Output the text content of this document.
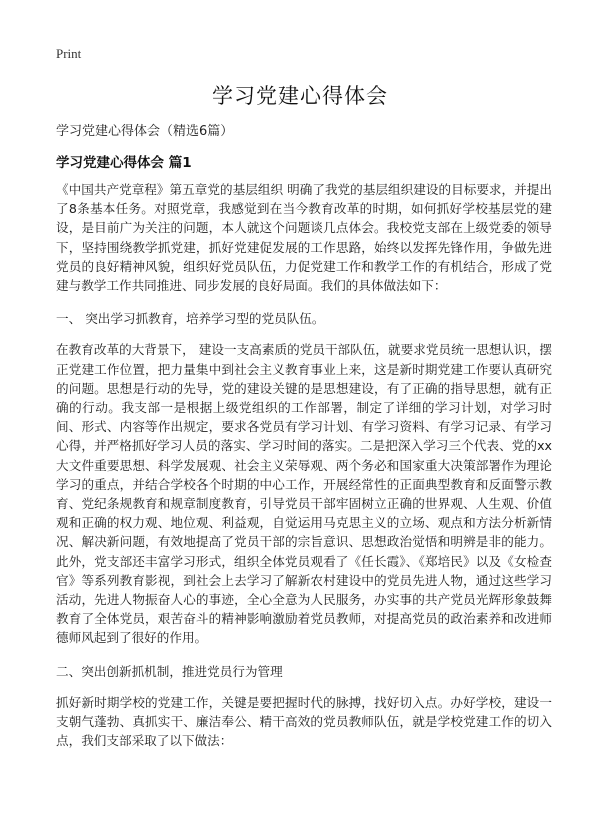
Print
学习党建心得体会
学习党建心得体会（精选6篇）
学习党建心得体会 篇1

《中国共产党章程》第五章党的基层组织 明确了我党的基层组织建设的目标要求，并提出了8条基本任务。对照党章，我感觉到在当今教育改革的时期，如何抓好学校基层党的建设，是目前广为关注的问题，本人就这个问题谈几点体会。我校党支部在上级党委的领导下，坚持围绕教学抓党建，抓好党建促发展的工作思路，始终以发挥先锋作用，争做先进党员的良好精神风貌，组织好党员队伍，力促党建工作和教学工作的有机结合，形成了党建与教学工作共同推进、同步发展的良好局面。我们的具体做法如下：

一、 突出学习抓教育，培养学习型的党员队伍。

在教育改革的大背景下， 建设一支高素质的党员干部队伍，就要求党员统一思想认识，摆正党建工作位置，把力量集中到社会主义教育事业上来，这是新时期党建工作要认真研究的问题。思想是行动的先导，党的建设关键的是思想建设，有了正确的指导思想，就有正确的行动。我支部一是根据上级党组织的工作部署，制定了详细的学习计划，对学习时间、形式、内容等作出规定，要求各党员有学习计划、有学习资料、有学习记录、有学习心得，并严格抓好学习人员的落实、学习时间的落实。二是把深入学习三个代表、党的xx大文件重要思想、科学发展观、社会主义荣辱观、两个务必和国家重大决策部署作为理论学习的重点，并结合学校各个时期的中心工作，开展经常性的正面典型教育和反面警示教育、党纪条规教育和规章制度教育，引导党员干部牢固树立正确的世界观、人生观、价值观和正确的权力观、地位观、利益观，自觉运用马克思主义的立场、观点和方法分析新情况、解决新问题，有效地提高了党员干部的宗旨意识、思想政治觉悟和明辨是非的能力。此外，党支部还丰富学习形式，组织全体党员观看了《任长霞》、《郑培民》以及《女检查官》等系列教育影视，到社会上去学习了解新农村建设中的党员先进人物，通过这些学习活动，先进人物振奋人心的事迹，全心全意为人民服务，办实事的共产党员光辉形象鼓舞教育了全体党员，艰苦奋斗的精神影响激励着党员教师，对提高党员的政治素养和改进师德师风起到了很好的作用。

二、突出创新抓机制，推进党员行为管理

抓好新时期学校的党建工作，关键是要把握时代的脉搏，找好切入点。办好学校，建设一支朝气蓬勃、真抓实干、廉洁奉公、精干高效的党员教师队伍，就是学校党建工作的切入点，我们支部采取了以下做法：
